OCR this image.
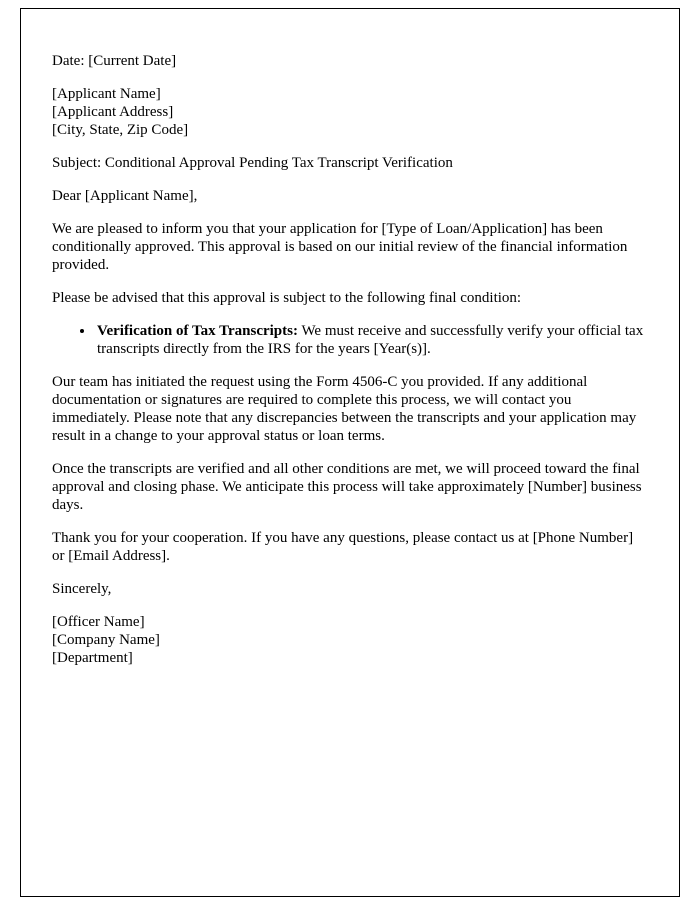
Date: [Current Date]

[Applicant Name]
[Applicant Address]
[City, State, Zip Code]

Subject: Conditional Approval Pending Tax Transcript Verification

Dear [Applicant Name],

We are pleased to inform you that your application for [Type of Loan/Application] has been conditionally approved. This approval is based on our initial review of the financial information provided.

Please be advised that this approval is subject to the following final condition:

• Verification of Tax Transcripts: We must receive and successfully verify your official tax transcripts directly from the IRS for the years [Year(s)].

Our team has initiated the request using the Form 4506-C you provided. If any additional documentation or signatures are required to complete this process, we will contact you immediately. Please note that any discrepancies between the transcripts and your application may result in a change to your approval status or loan terms.

Once the transcripts are verified and all other conditions are met, we will proceed toward the final approval and closing phase. We anticipate this process will take approximately [Number] business days.

Thank you for your cooperation. If you have any questions, please contact us at [Phone Number] or [Email Address].

Sincerely,

[Officer Name]
[Company Name]
[Department]
